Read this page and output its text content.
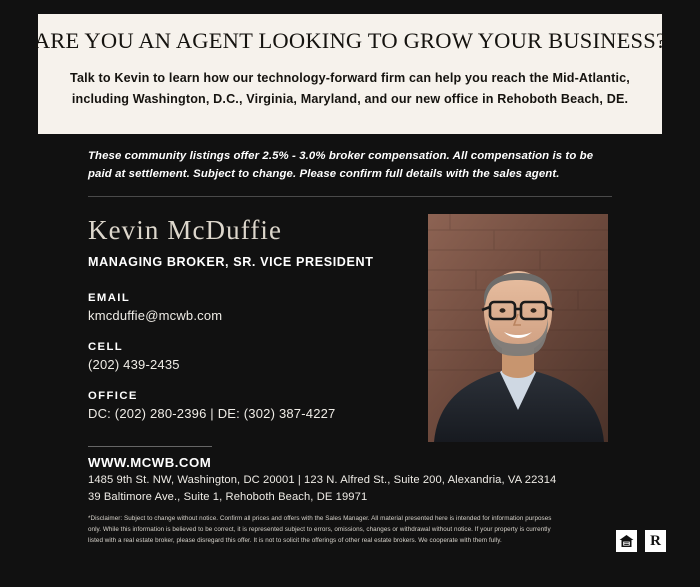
ARE YOU AN AGENT LOOKING TO GROW YOUR BUSINESS?
Talk to Kevin to learn how our technology-forward firm can help you reach the Mid-Atlantic, including Washington, D.C., Virginia, Maryland, and our new office in Rehoboth Beach, DE.
These community listings offer 2.5% - 3.0% broker compensation. All compensation is to be paid at settlement. Subject to change. Please confirm full details with the sales agent.
Kevin McDuffie
MANAGING BROKER, SR. VICE PRESIDENT
EMAIL
kmcduffie@mcwb.com
CELL
(202) 439-2435
OFFICE
DC: (202) 280-2396 | DE: (302) 387-4227
WWW.MCWB.COM
1485 9th St. NW, Washington, DC 20001 | 123 N. Alfred St., Suite 200, Alexandria, VA 22314
39 Baltimore Ave., Suite 1, Rehoboth Beach, DE 19971
*Disclaimer: Subject to change without notice. Confirm all prices and offers with the Sales Manager. All material presented here is intended for information purposes only. While this information is believed to be correct, it is represented subject to errors, omissions, changes or withdrawal without notice. If your property is currently listed with a real estate broker, please disregard this offer. It is not to solicit the offerings of other real estate brokers. We cooperate with them fully.	R
